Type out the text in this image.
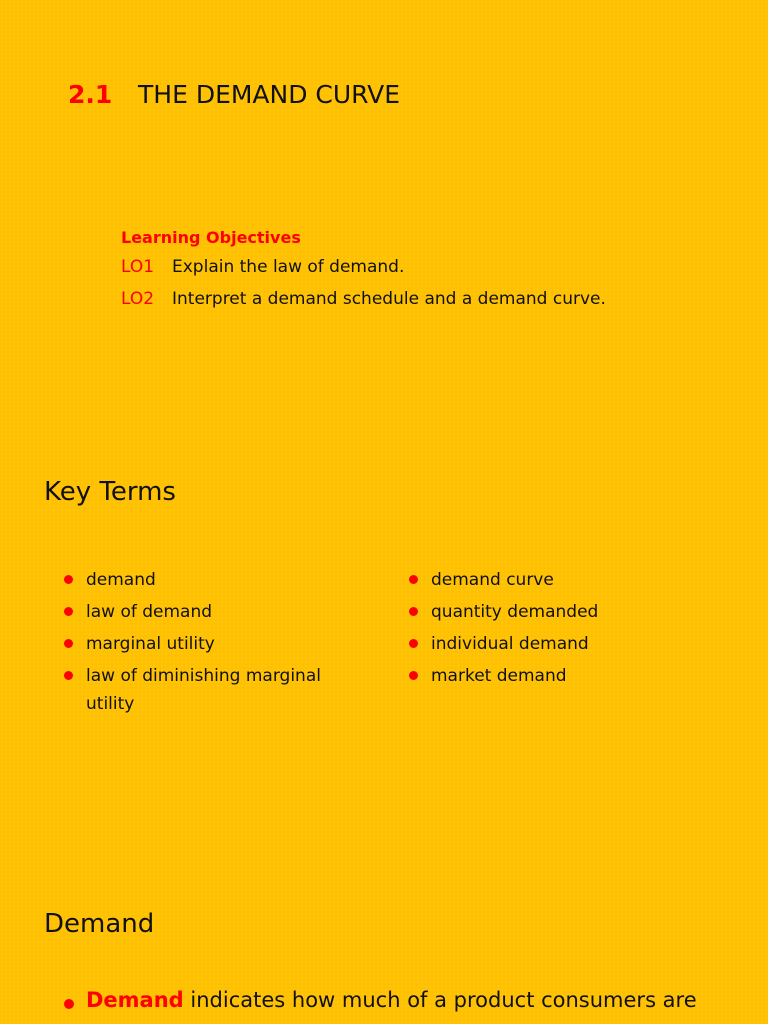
2.1	THE DEMAND CURVE
Learning Objectives
LO1	Explain the law of demand.
LO2	Interpret a demand schedule and a demand curve.
Key Terms
demand
law of demand
marginal utility
law of diminishing marginal utility
demand curve
quantity demanded
individual demand
market demand
Demand
Demand indicates how much of a product consumers are
